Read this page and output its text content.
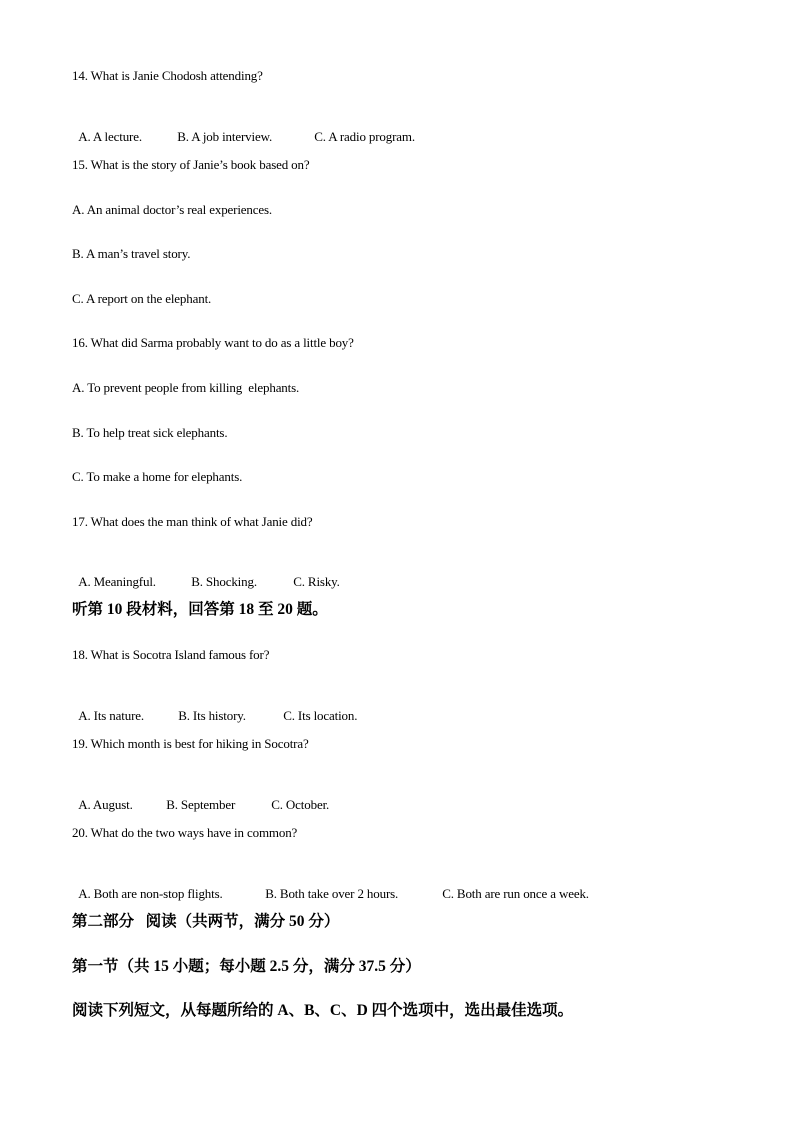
14. What is Janie Chodosh attending?

A. A lecture.	B. A job interview.	C. A radio program.

15. What is the story of Janie’s book based on?
A. An animal doctor’s real experiences.
B. A man’s travel story.
C. A report on the elephant.
16. What did Sarma probably want to do as a little boy?
A. To prevent people from killing  elephants.
B. To help treat sick elephants.
C. To make a home for elephants.
17. What does the man think of what Janie did?

A. Meaningful.	B. Shocking.	C. Risky.

听第 10 段材料，回答第 18 至 20 题。
18. What is Socotra Island famous for?

A. Its nature.	B. Its history.	C. Its location.

19. Which month is best for hiking in Socotra?

A. August.	B. September	C. October.

20. What do the two ways have in common?

A. Both are non-stop flights.	B. Both take over 2 hours.	C. Both are run once a week.

第二部分   阅读（共两节，满分 50 分）
第一节（共 15 小题；每小题 2.5 分，满分 37.5 分）
阅读下列短文，从每题所给的 A、B、C、D 四个选项中，选出最佳选项。
